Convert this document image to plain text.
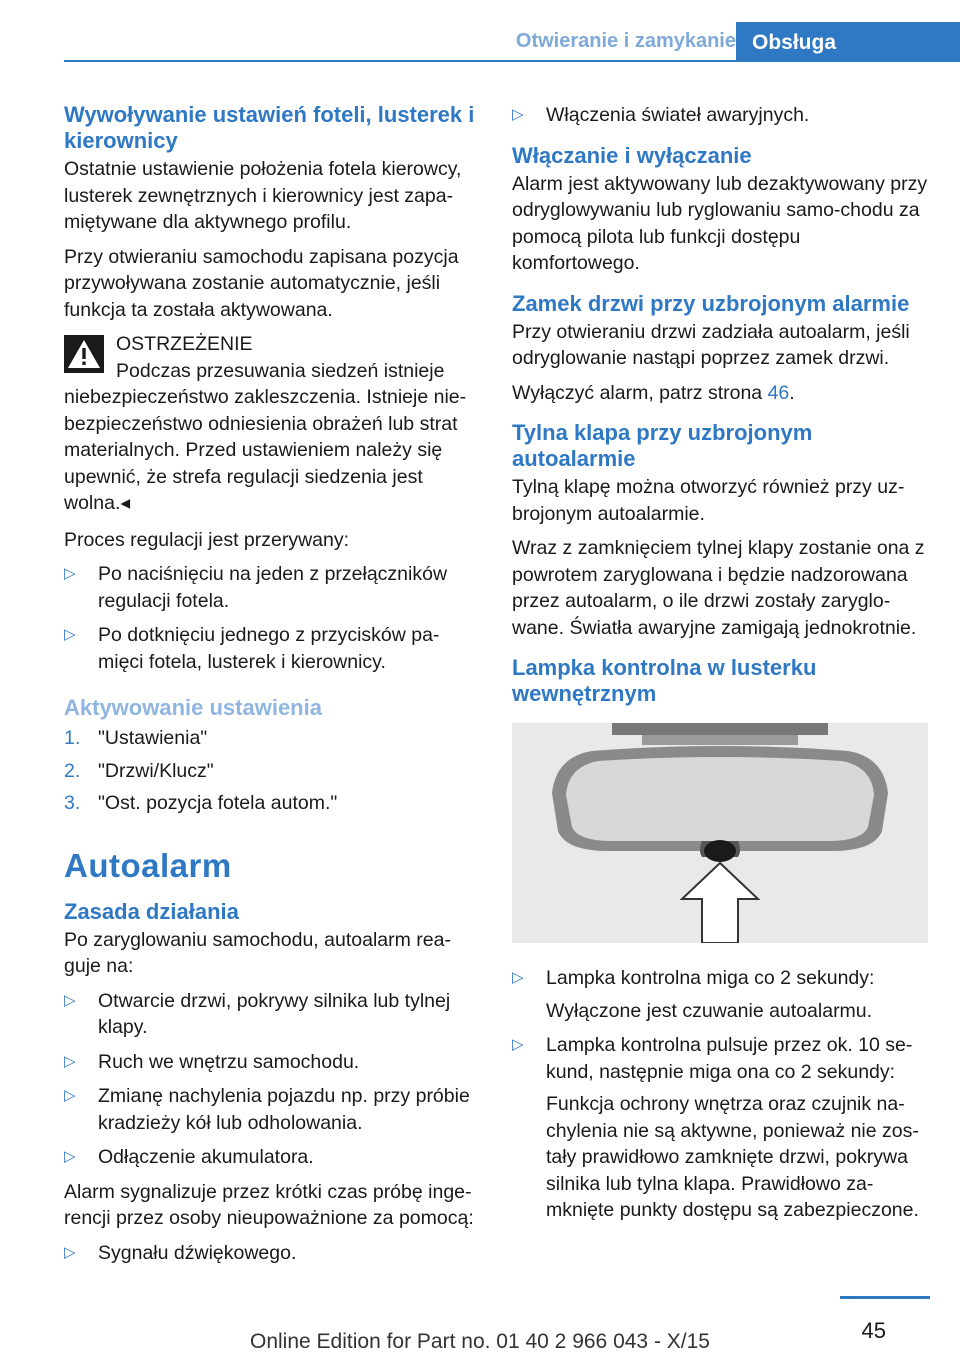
Otwieranie i zamykanie Obsługa
Wywoływanie ustawień foteli, lusterek i kierownicy

Ostatnie ustawienie położenia fotela kierowcy, lusterek zewnętrznych i kierownicy jest zapa-miętywane dla aktywnego profilu.

Przy otwieraniu samochodu zapisana pozycja przywoływana zostanie automatycznie, jeśli funkcja ta została aktywowana.

OSTRZEŻENIE
Podczas przesuwania siedzeń istnieje niebezpieczeństwo zakleszczenia. Istnieje nie-bezpieczeństwo odniesienia obrażeń lub strat materialnych. Przed ustawieniem należy się upewnić, że strefa regulacji siedzenia jest wolna.◂

Proces regulacji jest przerywany:

▷ Po naciśnięciu na jeden z przełączników regulacji fotela.
▷ Po dotknięciu jednego z przycisków pa-mięci fotela, lusterek i kierownicy.
Aktywowanie ustawienia
1. "Ustawienia"
2. "Drzwi/Klucz"
3. "Ost. pozycja fotela autom."
Autoalarm
Zasada działania

Po zaryglowaniu samochodu, autoalarm rea-guje na:

▷ Otwarcie drzwi, pokrywy silnika lub tylnej klapy.
▷ Ruch we wnętrzu samochodu.
▷ Zmianę nachylenia pojazdu np. przy próbie kradzieży kół lub odholowania.
▷ Odłączenie akumulatora.

Alarm sygnalizuje przez krótki czas próbę inge-rencji przez osoby nieupoważnione za pomocą:

▷ Sygnału dźwiękowego.
▷ Włączenia świateł awaryjnych.
Włączanie i wyłączanie

Alarm jest aktywowany lub dezaktywowany przy odryglowywaniu lub ryglowaniu samo-chodu za pomocą pilota lub funkcji dostępu komfortowego.

Zamek drzwi przy uzbrojonym alarmie

Przy otwieraniu drzwi zadziała autoalarm, jeśli odryglowanie nastąpi poprzez zamek drzwi.

Wyłączyć alarm, patrz strona 46.

Tylna klapa przy uzbrojonym autoalarmie

Tylną klapę można otworzyć również przy uz-brojonym autoalarmie.

Wraz z zamknięciem tylnej klapy zostanie ona z powrotem zaryglowana i będzie nadzorowana przez autoalarm, o ile drzwi zostały zaryglo-wane. Światła awaryjne zamigają jednokrotnie.

Lampka kontrolna w lusterku wewnętrznym
▷ Lampka kontrolna miga co 2 sekundy:
Wyłączone jest czuwanie autoalarmu.
▷ Lampka kontrolna pulsuje przez ok. 10 se-kund, następnie miga ona co 2 sekundy:
Funkcja ochrony wnętrza oraz czujnik na-chylenia nie są aktywne, ponieważ nie zos-tały prawidłowo zamknięte drzwi, pokrywa silnika lub tylna klapa. Prawidłowo za-mknięte punkty dostępu są zabezpieczone.
45
Online Edition for Part no. 01 40 2 966 043 - X/15
